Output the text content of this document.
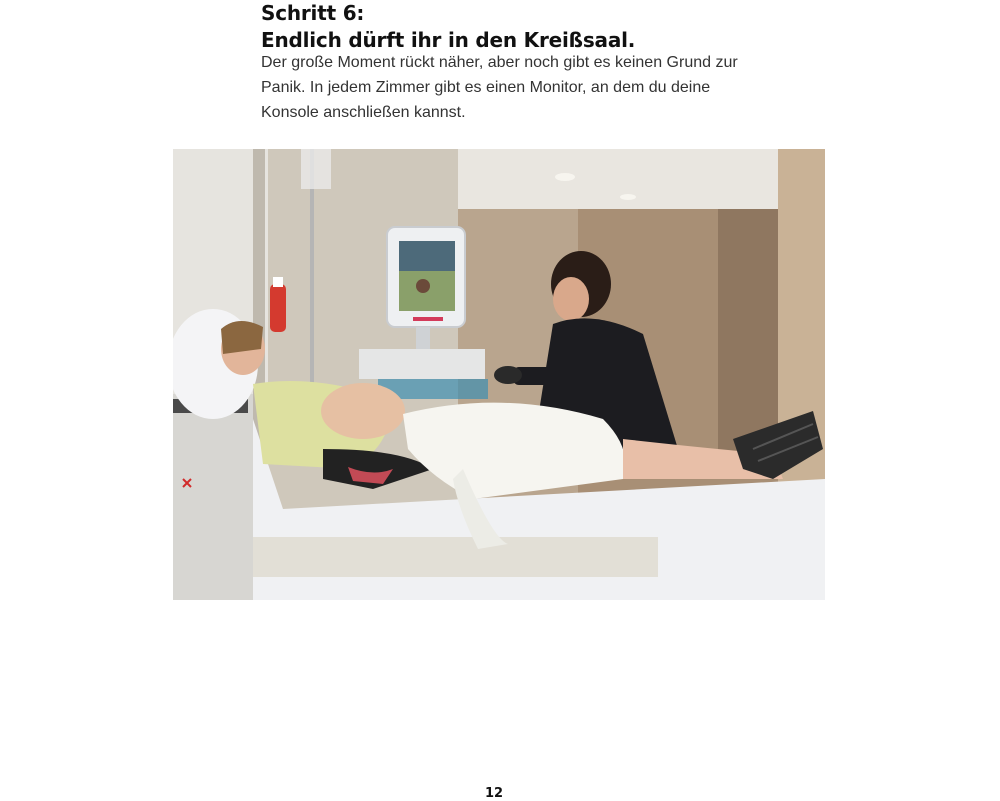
Schritt 6:
Endlich dürft ihr in den Kreißsaal.

Der große Moment rückt näher, aber noch gibt es keinen Grund zur Panik. In jedem Zimmer gibt es einen Monitor, an dem du deine Konsole anschließen kannst.

12
